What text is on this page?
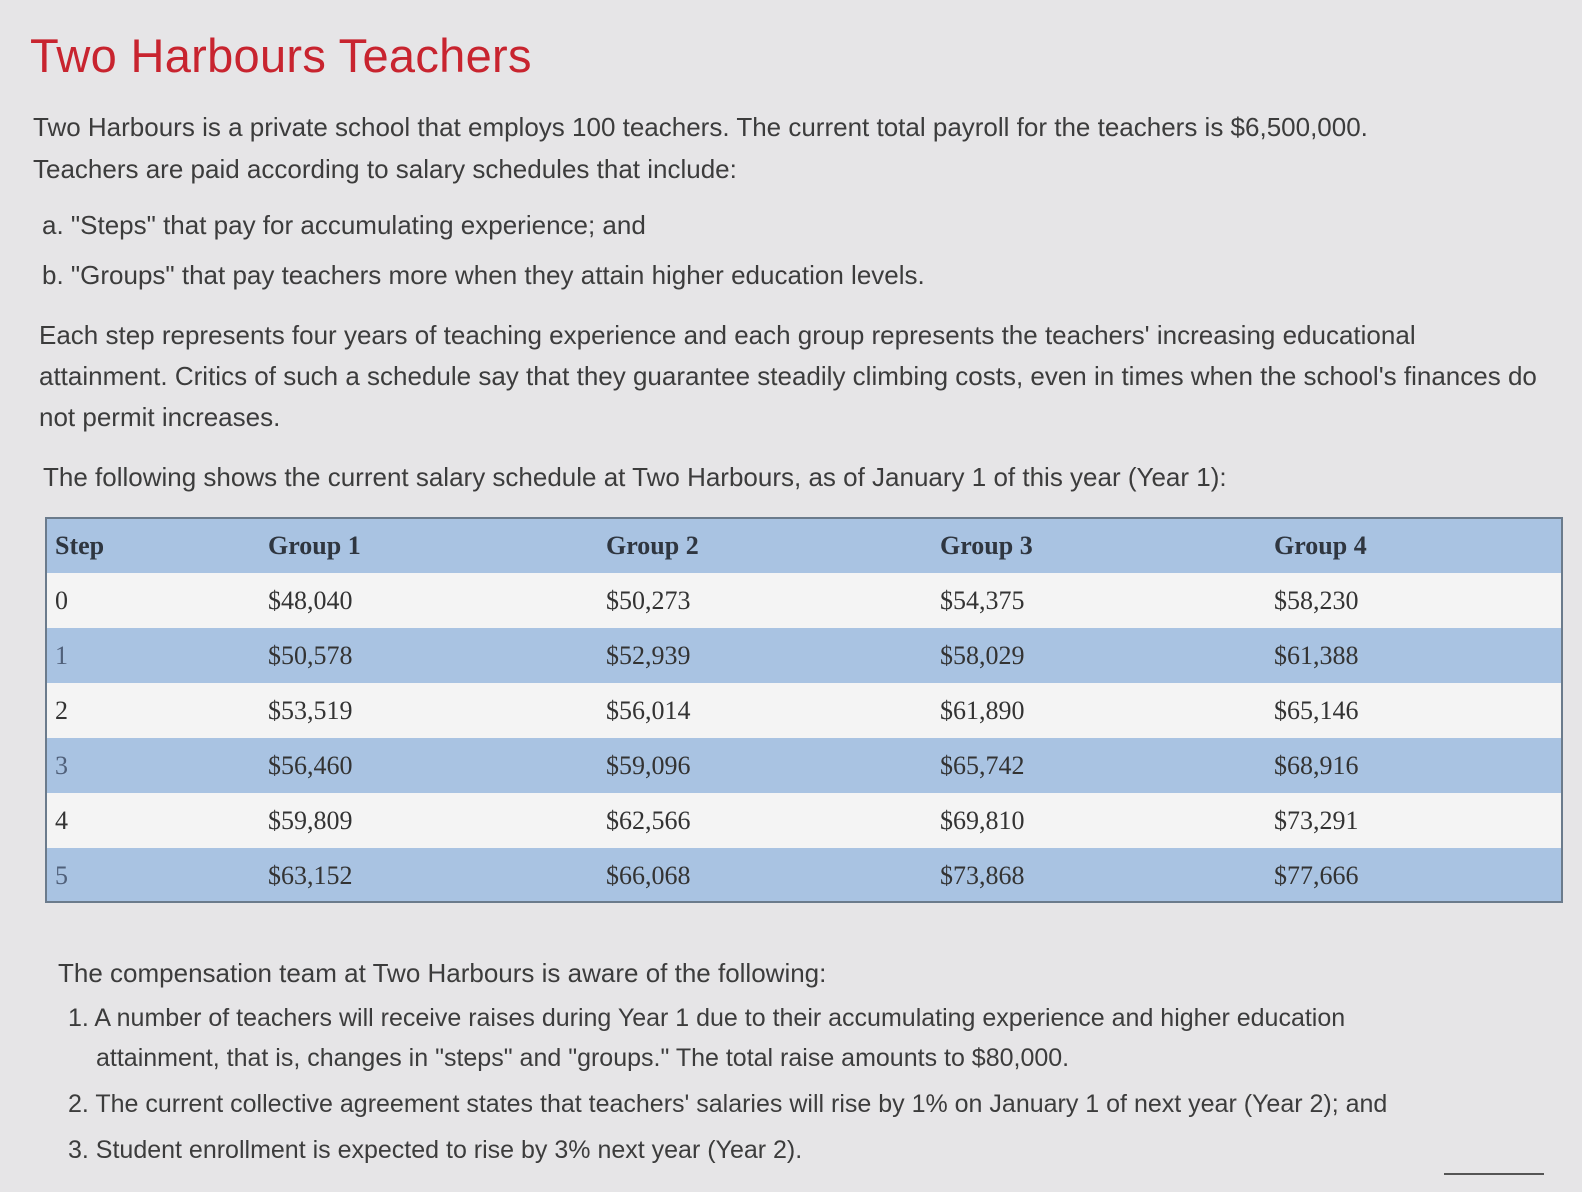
Two Harbours Teachers

Two Harbours is a private school that employs 100 teachers. The current total payroll for the teachers is $6,500,000.
Teachers are paid according to salary schedules that include:

a. "Steps" that pay for accumulating experience; and
b. "Groups" that pay teachers more when they attain higher education levels.

Each step represents four years of teaching experience and each group represents the teachers' increasing educational attainment. Critics of such a schedule say that they guarantee steadily climbing costs, even in times when the school's finances do not permit increases.

The following shows the current salary schedule at Two Harbours, as of January 1 of this year (Year 1):

Step	Group 1	Group 2	Group 3	Group 4
0	$48,040	$50,273	$54,375	$58,230
1	$50,578	$52,939	$58,029	$61,388
2	$53,519	$56,014	$61,890	$65,146
3	$56,460	$59,096	$65,742	$68,916
4	$59,809	$62,566	$69,810	$73,291
5	$63,152	$66,068	$73,868	$77,666

The compensation team at Two Harbours is aware of the following:

1. A number of teachers will receive raises during Year 1 due to their accumulating experience and higher education
attainment, that is, changes in "steps" and "groups." The total raise amounts to $80,000.
2. The current collective agreement states that teachers' salaries will rise by 1% on January 1 of next year (Year 2); and
3. Student enrollment is expected to rise by 3% next year (Year 2).
